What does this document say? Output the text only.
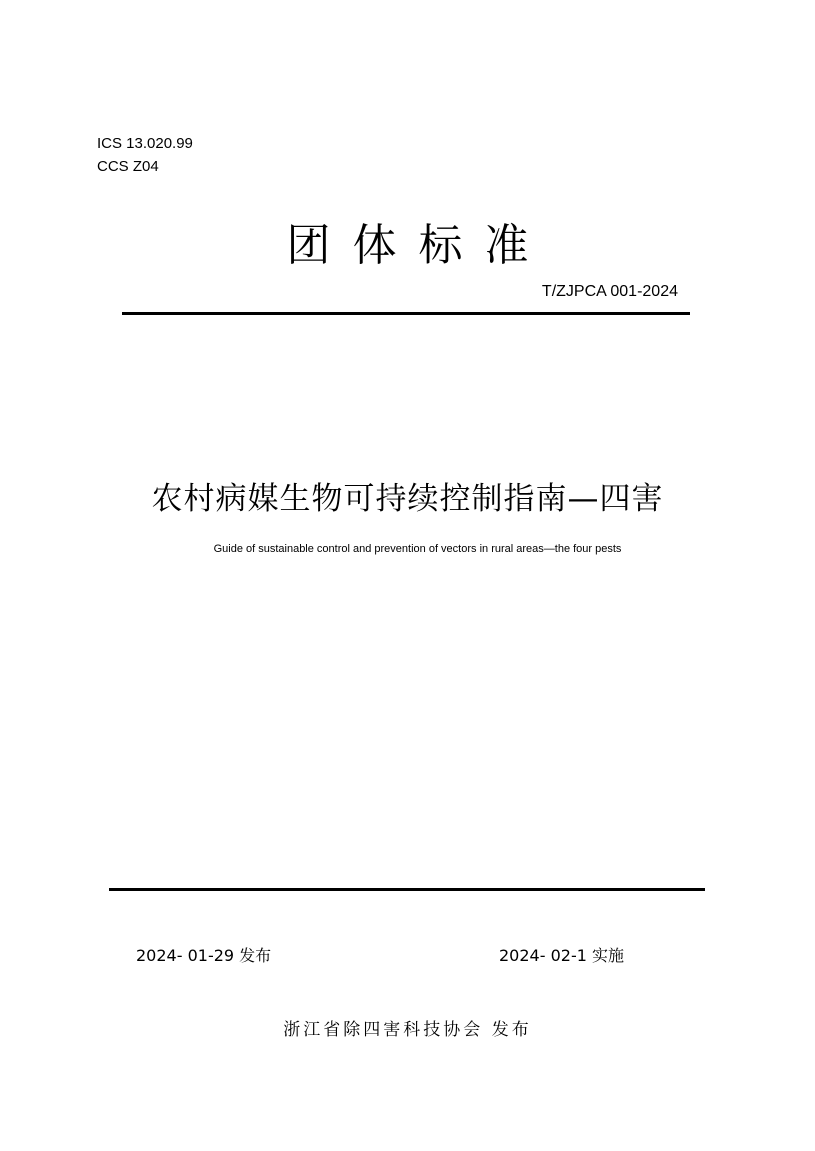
ICS 13.020.99
CCS Z04
团体标准
T/ZJPCA 001-2024
农村病媒生物可持续控制指南—四害
Guide of sustainable control and prevention of vectors in rural areas—the four pests
2024- 01-29 发布	2024- 02-1 实施
浙江省除四害科技协会 发布
